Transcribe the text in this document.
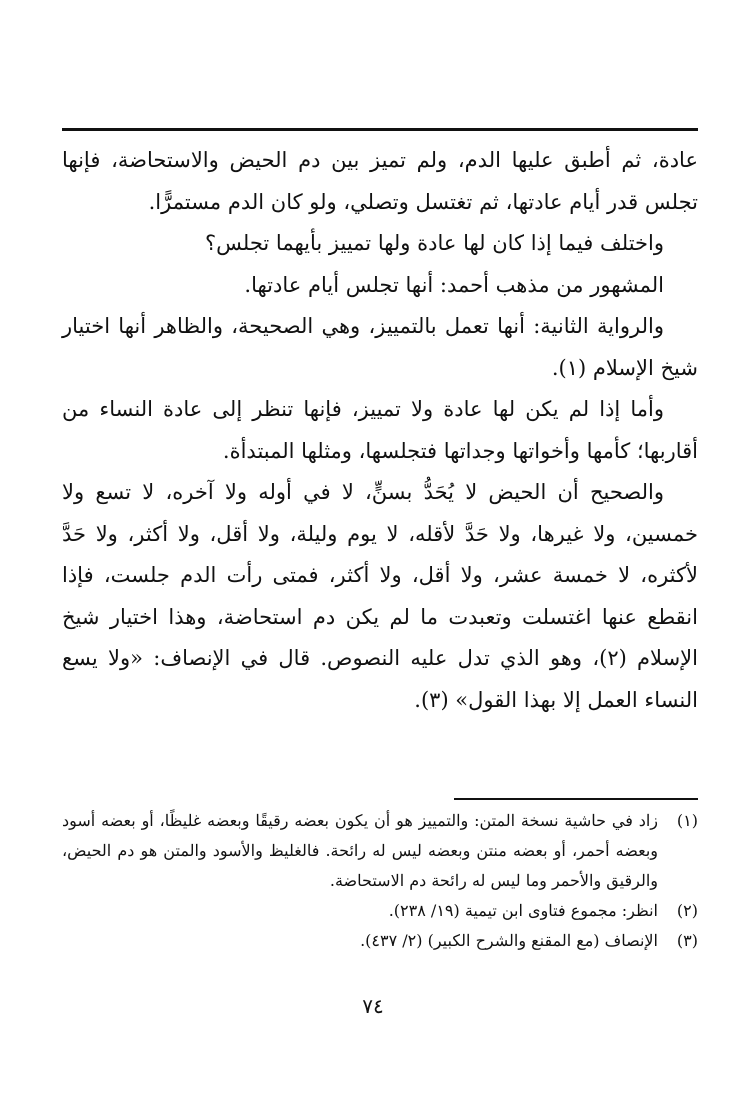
عادة، ثم أطبق عليها الدم، ولم تميز بين دم الحيض والاستحاضة، فإنها تجلس قدر أيام عادتها، ثم تغتسل وتصلي، ولو كان الدم مستمرًّا.

واختلف فيما إذا كان لها عادة ولها تمييز بأيهما تجلس؟

المشهور من مذهب أحمد: أنها تجلس أيام عادتها.

والرواية الثانية: أنها تعمل بالتمييز، وهي الصحيحة، والظاهر أنها اختيار شيخ الإسلام (١).

وأما إذا لم يكن لها عادة ولا تمييز، فإنها تنظر إلى عادة النساء من أقاربها؛ كأمها وأخواتها وجداتها فتجلسها، ومثلها المبتدأة.

والصحيح أن الحيض لا يُحَدُّ بسنٍّ، لا في أوله ولا آخره، لا تسع ولا خمسين، ولا غيرها، ولا حَدَّ لأقله، لا يوم وليلة، ولا أقل، ولا أكثر، ولا حَدَّ لأكثره، لا خمسة عشر، ولا أقل، ولا أكثر، فمتى رأت الدم جلست، فإذا انقطع عنها اغتسلت وتعبدت ما لم يكن دم استحاضة، وهذا اختيار شيخ الإسلام (٢)، وهو الذي تدل عليه النصوص. قال في الإنصاف: «ولا يسع النساء العمل إلا بهذا القول» (٣).

(١)
زاد في حاشية نسخة المتن: والتمييز هو أن يكون بعضه رقيقًا وبعضه غليظًا، أو بعضه أسود وبعضه أحمر، أو بعضه منتن وبعضه ليس له رائحة. فالغليظ والأسود والمتن هو دم الحيض، والرقيق والأحمر وما ليس له رائحة دم الاستحاضة.
(٢)
انظر: مجموع فتاوى ابن تيمية (١٩/ ٢٣٨).
(٣)
الإنصاف (مع المقنع والشرح الكبير) (٢/ ٤٣٧).
٧٤
